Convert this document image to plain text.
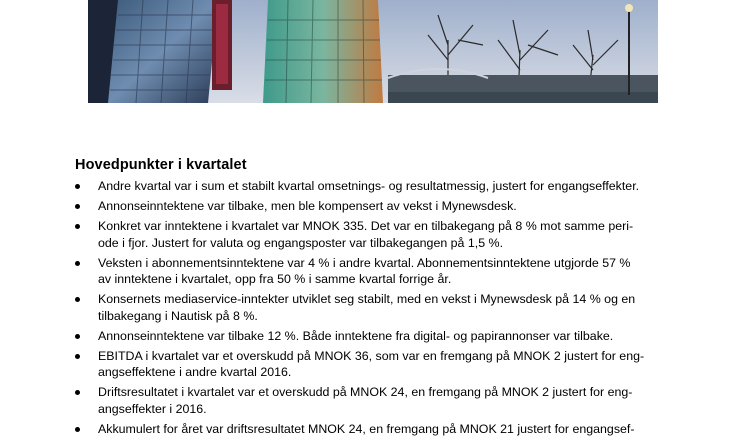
Hovedpunkter i kvartalet
Andre kvartal var i sum et stabilt kvartal omsetnings- og resultatmessig, justert for engangseffekter.
Annonseinntektene var tilbake, men ble kompensert av vekst i Mynewsdesk.
Konkret var inntektene i kvartalet var MNOK 335. Det var en tilbakegang på 8 % mot samme peri-
ode i fjor. Justert for valuta og engangsposter var tilbakegangen på 1,5 %.
Veksten i abonnementsinntektene var 4 % i andre kvartal. Abonnementsinntektene utgjorde 57 %
av inntektene i kvartalet, opp fra 50 % i samme kvartal forrige år.
Konsernets mediaservice-inntekter utviklet seg stabilt, med en vekst i Mynewsdesk på 14 % og en
tilbakegang i Nautisk på 8 %.
Annonseinntektene var tilbake 12 %. Både inntektene fra digital- og papirannonser var tilbake.
EBITDA i kvartalet var et overskudd på MNOK 36, som var en fremgang på MNOK 2 justert for eng-
angseffektene i andre kvartal 2016.
Driftsresultatet i kvartalet var et overskudd på MNOK 24, en fremgang på MNOK 2 justert for eng-
angseffekter i 2016.
Akkumulert for året var driftsresultatet MNOK 24, en fremgang på MNOK 21 justert for engangsef-
